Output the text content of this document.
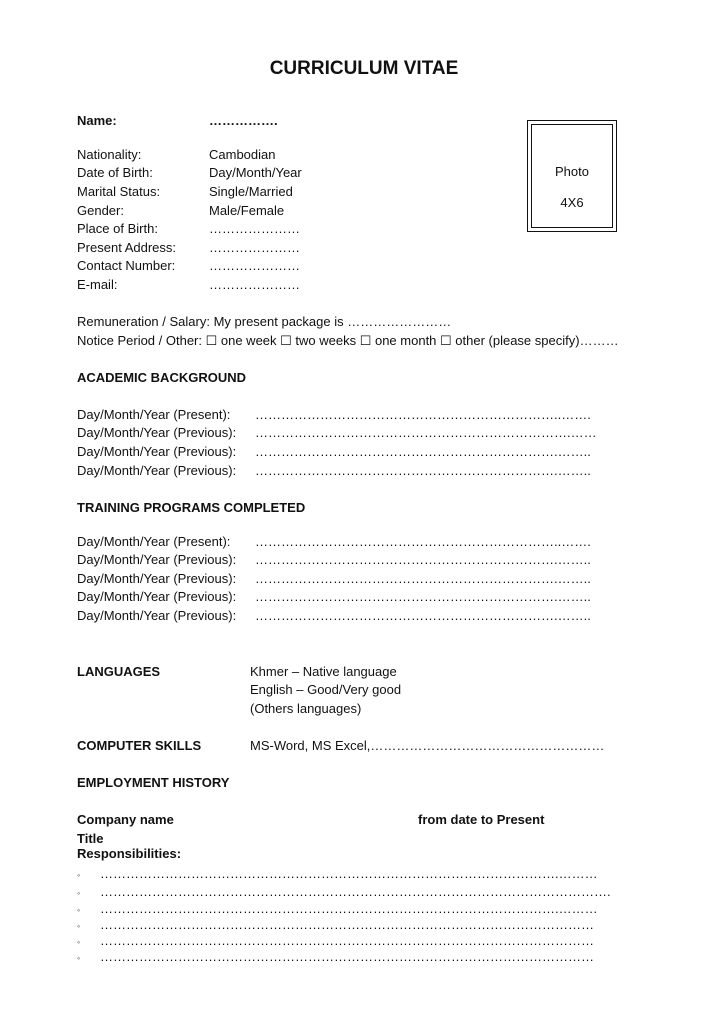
CURRICULUM VITAE
Name:	…………….
Nationality:	Cambodian
Date of Birth:	Day/Month/Year
Marital Status:	Single/Married
Gender:	Male/Female
Place of Birth:	…………………
Present Address:	…………………
Contact Number:	…………………
E-mail:	…………………
Photo
4X6
Remuneration / Salary: My present package is ……………………
Notice Period / Other: ☐ one week ☐ two weeks ☐ one month ☐ other (please specify)………
ACADEMIC BACKGROUND
Day/Month/Year (Present): ……………………………………………………………..…….
Day/Month/Year (Previous): ……………………………………………………………….……
Day/Month/Year (Previous): …………………………………………………………….……..
Day/Month/Year (Previous): …………………………………………………………….……..
TRAINING PROGRAMS COMPLETED
Day/Month/Year (Present): ……………………………………………………………..…….
Day/Month/Year (Previous): …………………………………………………………….……..
Day/Month/Year (Previous): …………………………………………………………….……..
Day/Month/Year (Previous): …………………………………………………………….……..
Day/Month/Year (Previous): …………………………………………………………….……..
LANGUAGES	Khmer – Native language
English – Good/Very good
(Others languages)
COMPUTER SKILLS	MS-Word, MS Excel,………………………………………………
EMPLOYMENT HISTORY
Company name	from date to Present
Title
Responsibilities:
◦ …………………………………………………………………………………………….………
◦ ……………………………………………………………………………………………………….
◦ …………………………………………………………………………………………….………
◦ ……………………………………………………………………………………………………
◦ ……………………………………………………………………………………………………
◦ ……………………………………………………………………………………………………
